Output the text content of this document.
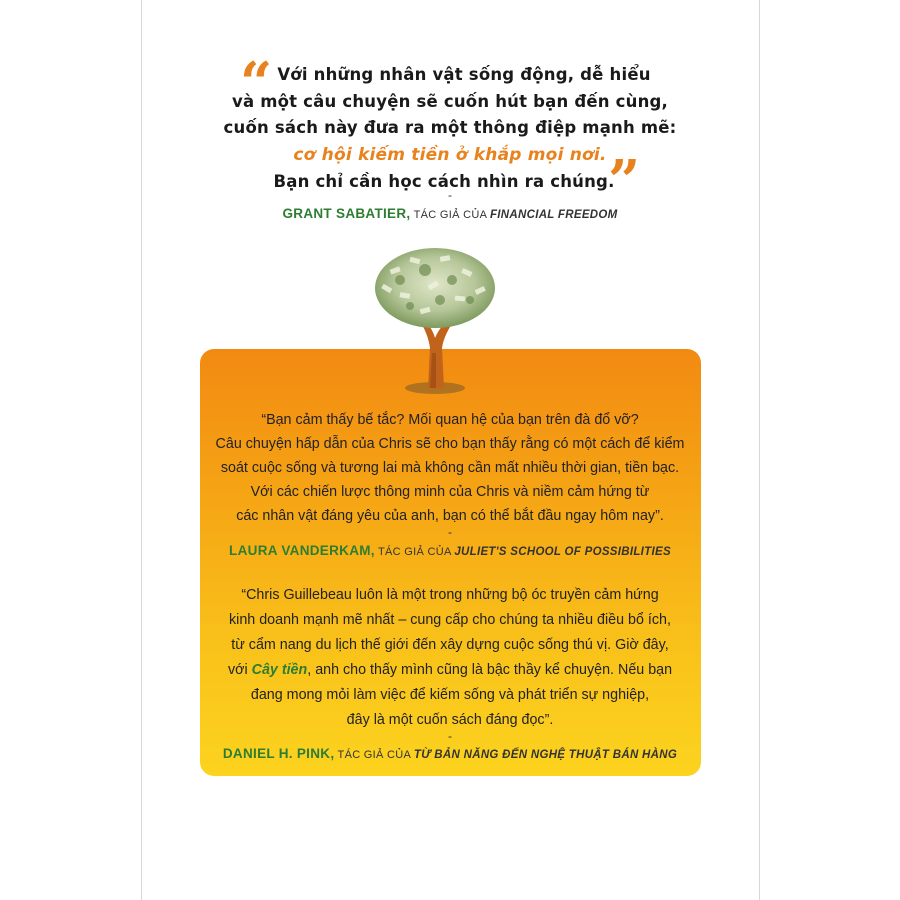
“ Với những nhân vật sống động, dễ hiểu
và một câu chuyện sẽ cuốn hút bạn đến cùng,
cuốn sách này đưa ra một thông điệp mạnh mẽ:
cơ hội kiếm tiền ở khắp mọi nơi.
Bạn chỉ cần học cách nhìn ra chúng.
”
-
GRANT SABATIER, TÁC GIẢ CỦA FINANCIAL FREEDOM
“Bạn cảm thấy bế tắc? Mối quan hệ của bạn trên đà đổ vỡ?
Câu chuyện hấp dẫn của Chris sẽ cho bạn thấy rằng có một cách để kiểm
soát cuộc sống và tương lai mà không cần mất nhiều thời gian, tiền bạc.
Với các chiến lược thông minh của Chris và niềm cảm hứng từ
các nhân vật đáng yêu của anh, bạn có thể bắt đầu ngay hôm nay”.
-
LAURA VANDERKAM, TÁC GIẢ CỦA JULIET'S SCHOOL OF POSSIBILITIES
“Chris Guillebeau luôn là một trong những bộ óc truyền cảm hứng
kinh doanh mạnh mẽ nhất – cung cấp cho chúng ta nhiều điều bổ ích,
từ cẩm nang du lịch thế giới đến xây dựng cuộc sống thú vị. Giờ đây,
với Cây tiền, anh cho thấy mình cũng là bậc thầy kể chuyện. Nếu bạn
đang mong mỏi làm việc để kiếm sống và phát triển sự nghiệp,
đây là một cuốn sách đáng đọc”.
-
DANIEL H. PINK, TÁC GIẢ CỦA TỪ BẢN NĂNG ĐẾN NGHỆ THUẬT BÁN HÀNG
